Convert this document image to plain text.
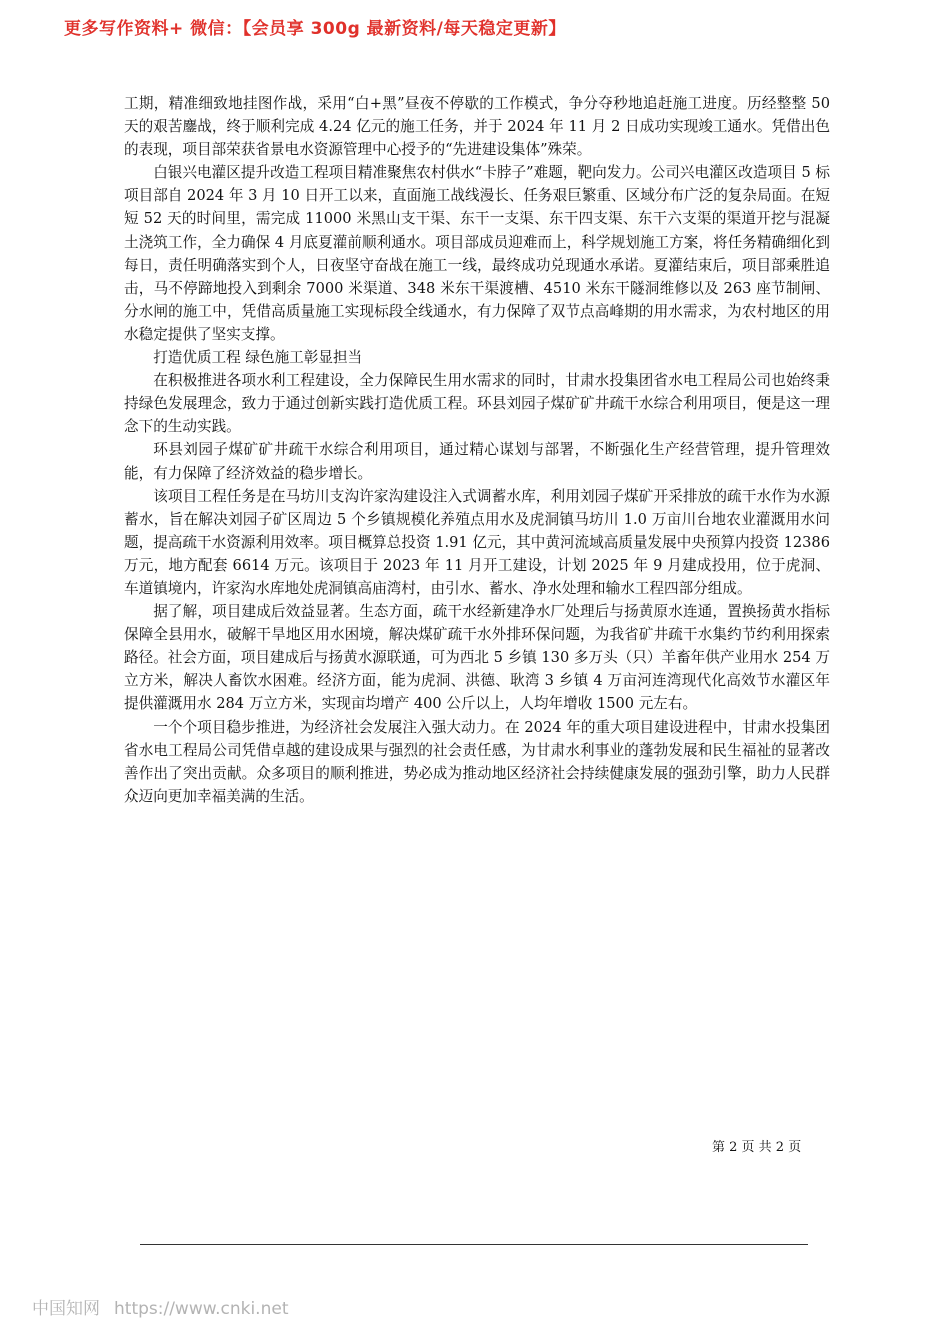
更多写作资料+ 微信：【会员享 300g 最新资料/每天稳定更新】

工期，精准细致地挂图作战，采用“白+黑”昼夜不停歇的工作模式，争分夺秒地追赶施工进度。历经整整 50 天的艰苦鏖战，终于顺利完成 4.24 亿元的施工任务，并于 2024 年 11 月 2 日成功实现竣工通水。凭借出色的表现，项目部荣获省景电水资源管理中心授予的“先进建设集体”殊荣。

白银兴电灌区提升改造工程项目精准聚焦农村供水“卡脖子”难题，靶向发力。公司兴电灌区改造项目 5 标项目部自 2024 年 3 月 10 日开工以来，直面施工战线漫长、任务艰巨繁重、区域分布广泛的复杂局面。在短短 52 天的时间里，需完成 11000 米黑山支干渠、东干一支渠、东干四支渠、东干六支渠的渠道开挖与混凝土浇筑工作，全力确保 4 月底夏灌前顺利通水。项目部成员迎难而上，科学规划施工方案，将任务精确细化到每日，责任明确落实到个人，日夜坚守奋战在施工一线，最终成功兑现通水承诺。夏灌结束后，项目部乘胜追击，马不停蹄地投入到剩余 7000 米渠道、348 米东干渠渡槽、4510 米东干隧洞维修以及 263 座节制闸、分水闸的施工中，凭借高质量施工实现标段全线通水，有力保障了双节点高峰期的用水需求，为农村地区的用水稳定提供了坚实支撑。

打造优质工程 绿色施工彰显担当

在积极推进各项水利工程建设，全力保障民生用水需求的同时，甘肃水投集团省水电工程局公司也始终秉持绿色发展理念，致力于通过创新实践打造优质工程。环县刘园子煤矿矿井疏干水综合利用项目，便是这一理念下的生动实践。

环县刘园子煤矿矿井疏干水综合利用项目，通过精心谋划与部署，不断强化生产经营管理，提升管理效能，有力保障了经济效益的稳步增长。

该项目工程任务是在马坊川支沟许家沟建设注入式调蓄水库，利用刘园子煤矿开采排放的疏干水作为水源蓄水，旨在解决刘园子矿区周边 5 个乡镇规模化养殖点用水及虎洞镇马坊川 1.0 万亩川台地农业灌溉用水问题，提高疏干水资源利用效率。项目概算总投资 1.91 亿元，其中黄河流域高质量发展中央预算内投资 12386 万元，地方配套 6614 万元。该项目于 2023 年 11 月开工建设，计划 2025 年 9 月建成投用，位于虎洞、车道镇境内，许家沟水库地处虎洞镇高庙湾村，由引水、蓄水、净水处理和输水工程四部分组成。

据了解，项目建成后效益显著。生态方面，疏干水经新建净水厂处理后与扬黄原水连通，置换扬黄水指标保障全县用水，破解干旱地区用水困境，解决煤矿疏干水外排环保问题，为我省矿井疏干水集约节约利用探索路径。社会方面，项目建成后与扬黄水源联通，可为西北 5 乡镇 130 多万头（只）羊畜年供产业用水 254 万立方米，解决人畜饮水困难。经济方面，能为虎洞、洪德、耿湾 3 乡镇 4 万亩河连湾现代化高效节水灌区年提供灌溉用水 284 万立方米，实现亩均增产 400 公斤以上，人均年增收 1500 元左右。

一个个项目稳步推进，为经济社会发展注入强大动力。在 2024 年的重大项目建设进程中，甘肃水投集团省水电工程局公司凭借卓越的建设成果与强烈的社会责任感，为甘肃水利事业的蓬勃发展和民生福祉的显著改善作出了突出贡献。众多项目的顺利推进，势必成为推动地区经济社会持续健康发展的强劲引擎，助力人民群众迈向更加幸福美满的生活。

第 2 页 共 2 页
中国知网 https://www.cnki.net
